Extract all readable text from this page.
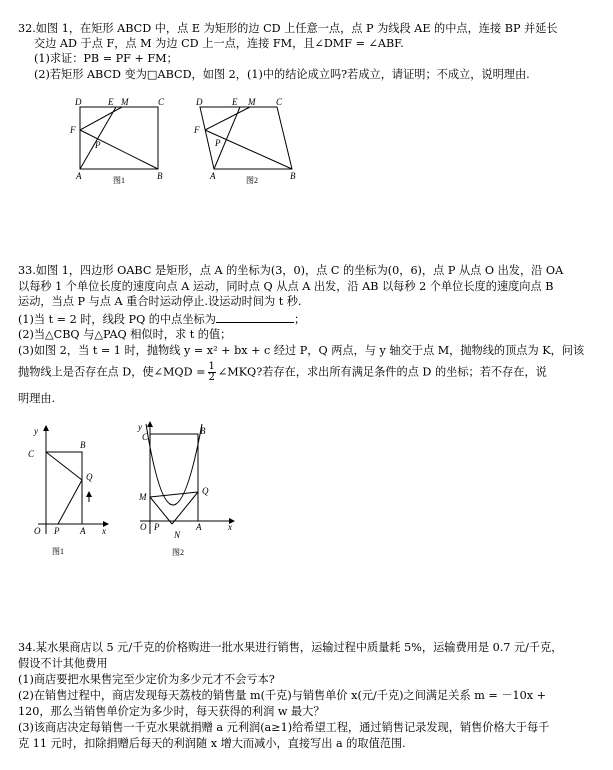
32.如图 1，在矩形 ABCD 中，点 E 为矩形的边 CD 上任意一点，点 P 为线段 AE 的中点，连接 BP 并延长
交边 AD 于点 F，点 M 为边 CD 上一点，连接 FM，且∠DMF = ∠ABF.
(1)求证：PB = PF + FM；
(2)若矩形 ABCD 变为□ABCD，如图 2，(1)中的结论成立吗?若成立，请证明；不成立，说明理由.
D	E M	C
F
P
A	B
图1
D	E M C
F
P
A	B
图2
33.如图 1，四边形 OABC 是矩形，点 A 的坐标为(3，0)，点 C 的坐标为(0，6)，点 P 从点 O 出发，沿 OA
以每秒 1 个单位长度的速度向点 A 运动，同时点 Q 从点 A 出发，沿 AB 以每秒 2 个单位长度的速度向点 B
运动，当点 P 与点 A 重合时运动停止.设运动时间为 t 秒.
(1)当 t = 2 时，线段 PQ 的中点坐标为	；
(2)当△CBQ 与△PAQ 相似时，求 t 的值；
(3)如图 2，当 t = 1 时，抛物线 y = x² + bx + c 经过 P，Q 两点，与 y 轴交于点 M，抛物线的顶点为 K，问该
抛物线上是否存在点 D，使∠MQD = $\frac{1}{2}$ ∠MKQ?若存在，求出所有满足条件的点 D 的坐标；若不存在，说
明理由.
y
x
C
B
Q
O P A
图1
y
x
C
B
M
Q
O P	A
N
图2
34.某水果商店以 5 元/千克的价格购进一批水果进行销售，运输过程中质量耗 5%，运输费用是 0.7 元/千克，
假设不计其他费用
(1)商店要把水果售完至少定价为多少元才不会亏本?
(2)在销售过程中，商店发现每天荔枝的销售量 m(千克)与销售单价 x(元/千克)之间满足关系 m = －10x +
120，那么当销售单价定为多少时，每天获得的利润 w 最大？
(3)该商店决定每销售一千克水果就捐赠 a 元利润(a≥1)给希望工程，通过销售记录发现，销售价格大于每千
克 11 元时，扣除捐赠后每天的利润随 x 增大而减小，直接写出 a 的取值范围.
